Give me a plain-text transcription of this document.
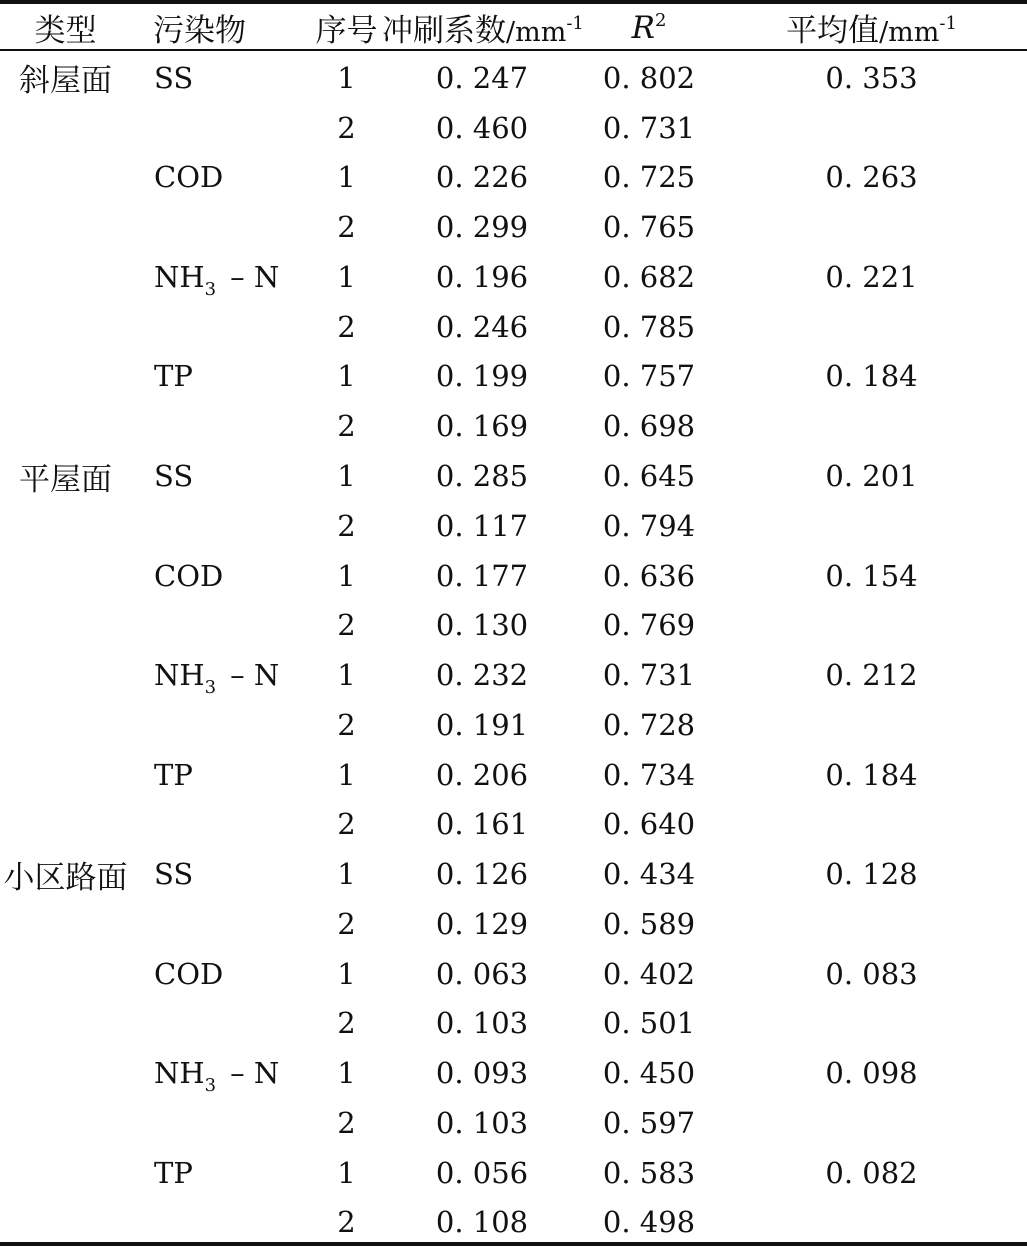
类型	污染物	序号	冲刷系数$/mm^{-1}$	$R^2$	平均值$/mm^{-1}$

斜屋面	SS	1	0. 247	0. 802	0. 353
		2	0. 460	0. 731	
	COD	1	0. 226	0. 725	0. 263
		2	0. 299	0. 765	
	$NH_3$ – N	1	0. 196	0. 682	0. 221
		2	0. 246	0. 785	
	TP	1	0. 199	0. 757	0. 184
		2	0. 169	0. 698	
平屋面	SS	1	0. 285	0. 645	0. 201
		2	0. 117	0. 794	
	COD	1	0. 177	0. 636	0. 154
		2	0. 130	0. 769	
	$NH_3$ – N	1	0. 232	0. 731	0. 212
		2	0. 191	0. 728	
	TP	1	0. 206	0. 734	0. 184
		2	0. 161	0. 640	
小区路面	SS	1	0. 126	0. 434	0. 128
		2	0. 129	0. 589	
	COD	1	0. 063	0. 402	0. 083
		2	0. 103	0. 501	
	$NH_3$ – N	1	0. 093	0. 450	0. 098
		2	0. 103	0. 597	
	TP	1	0. 056	0. 583	0. 082
		2	0. 108	0. 498	
